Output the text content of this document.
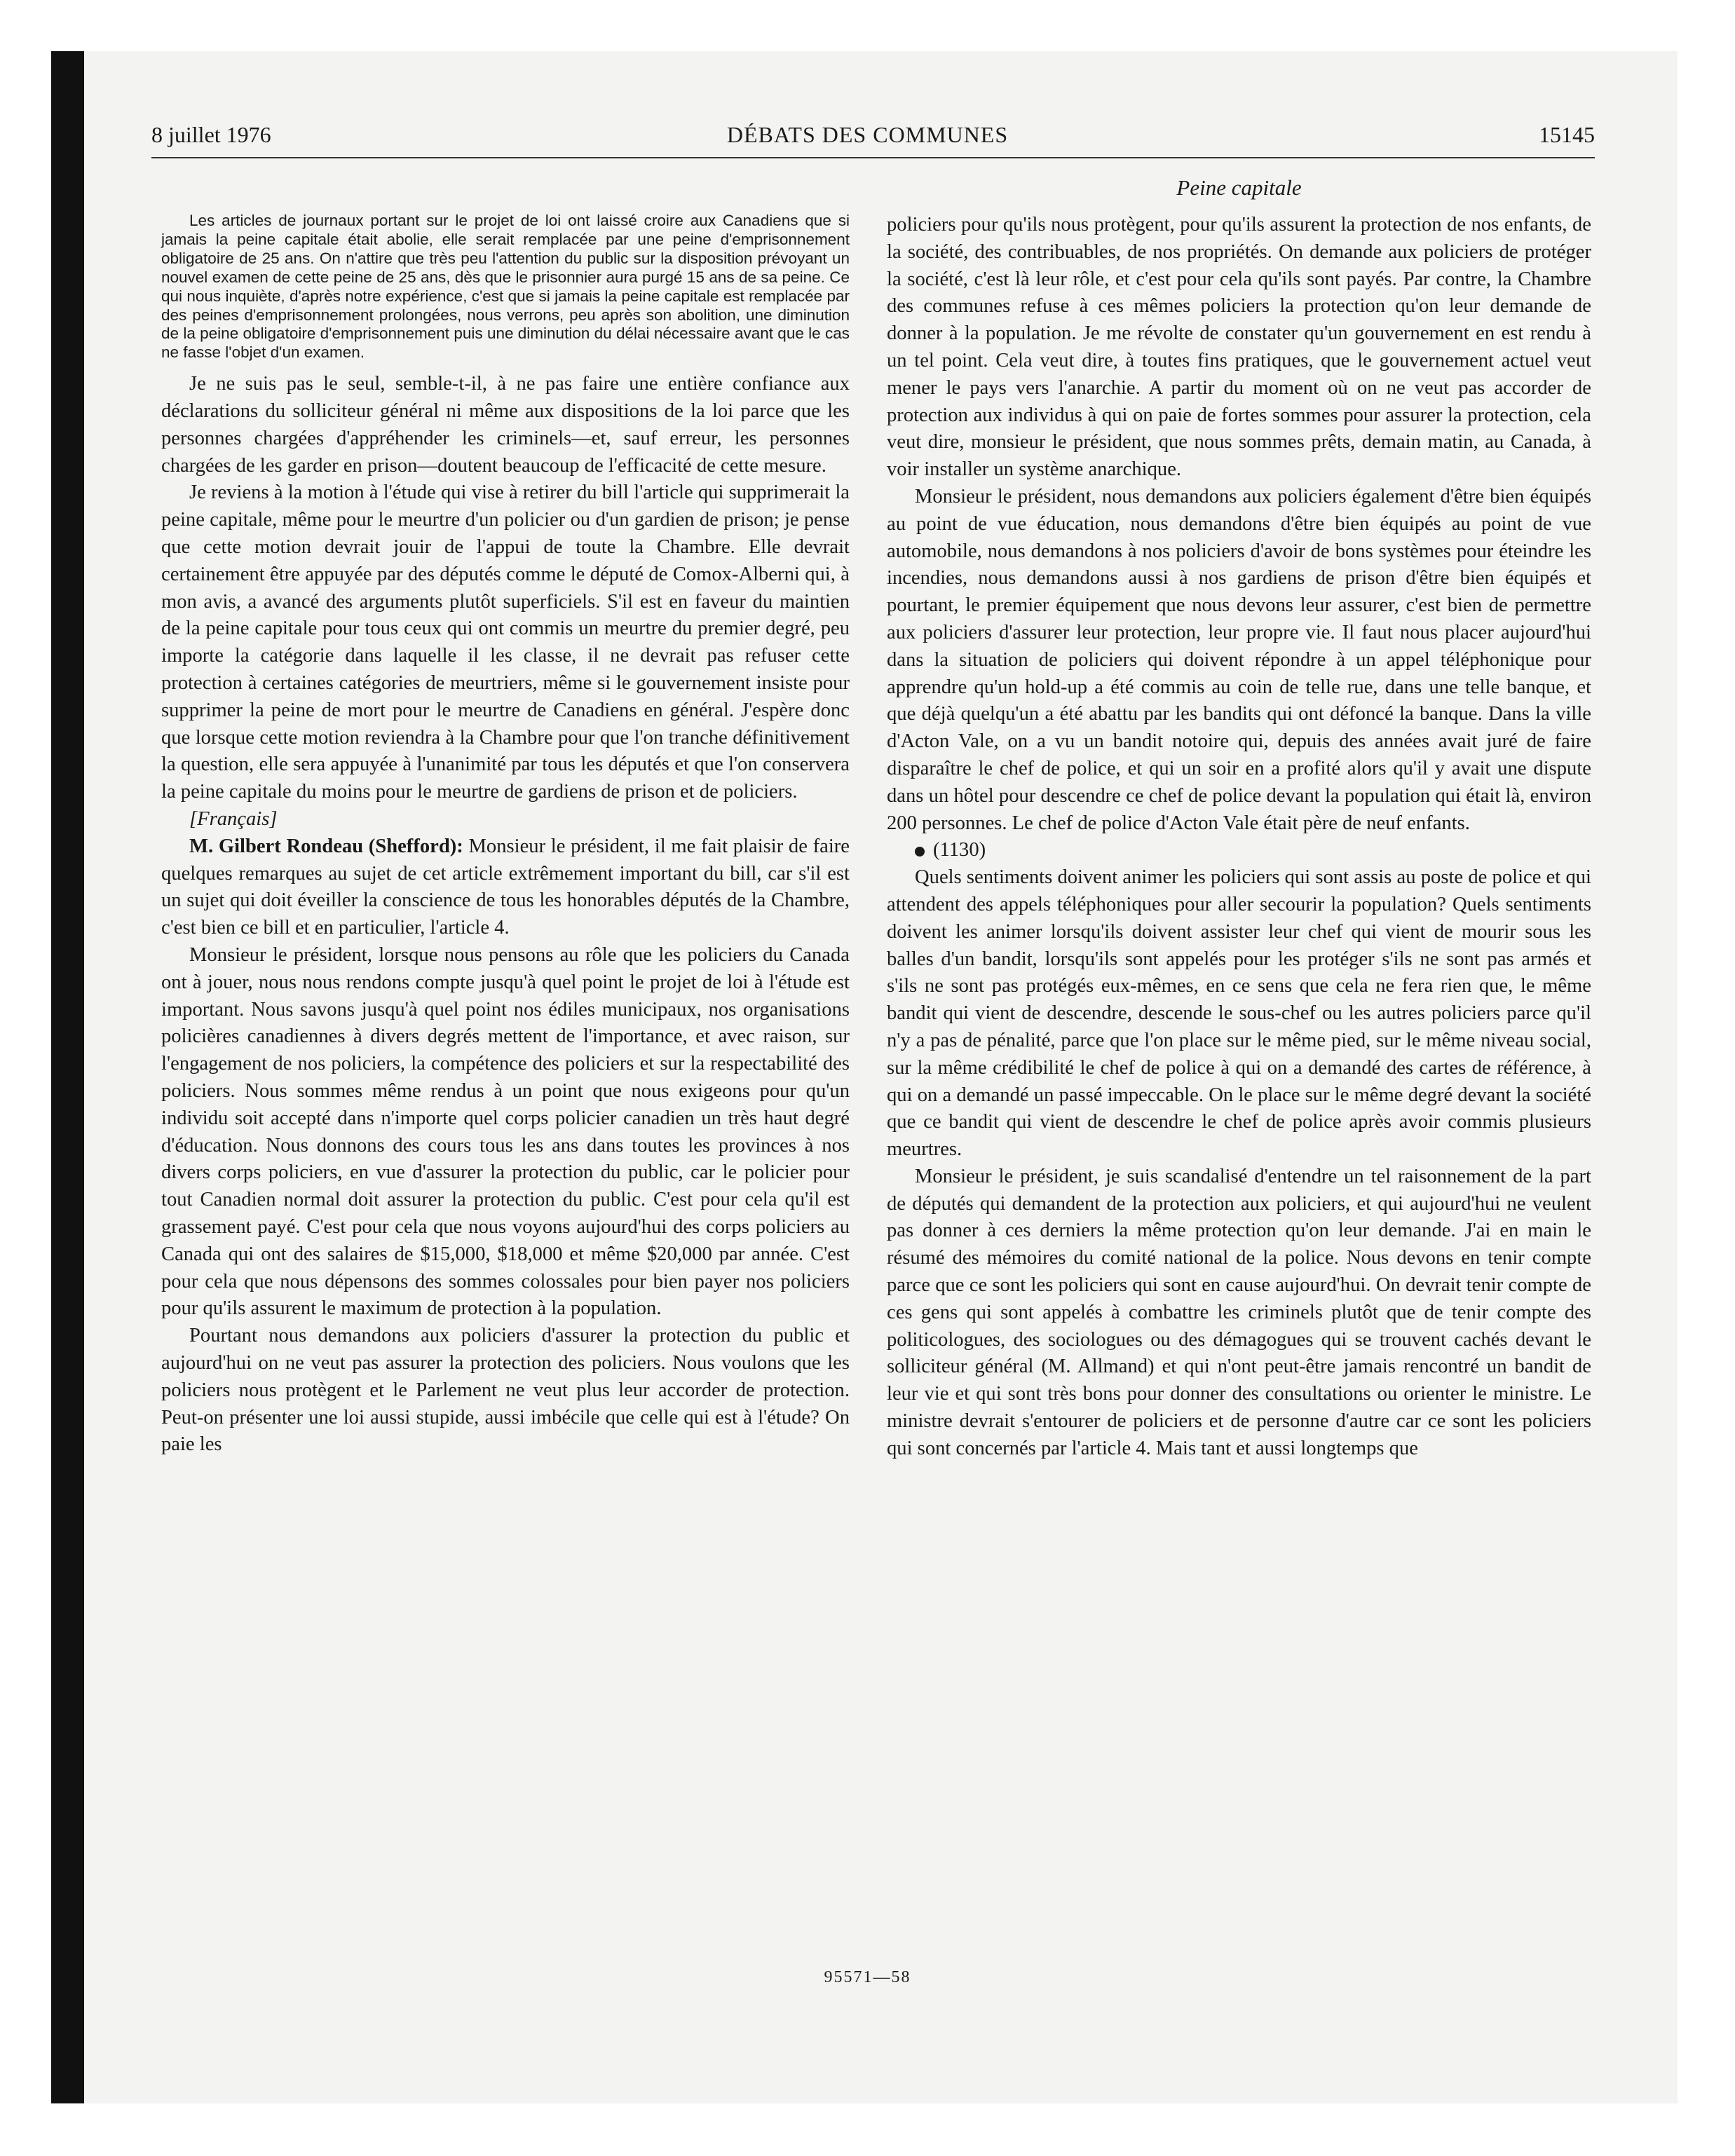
8 juillet 1976	DÉBATS DES COMMUNES	15145
Peine capitale

Les articles de journaux portant sur le projet de loi ont laissé croire aux Canadiens que si jamais la peine capitale était abolie, elle serait remplacée par une peine d'emprisonnement obligatoire de 25 ans. On n'attire que très peu l'attention du public sur la disposition prévoyant un nouvel examen de cette peine de 25 ans, dès que le prisonnier aura purgé 15 ans de sa peine. Ce qui nous inquiète, d'après notre expérience, c'est que si jamais la peine capitale est remplacée par des peines d'emprisonnement prolongées, nous verrons, peu après son abolition, une diminution de la peine obligatoire d'emprisonnement puis une diminution du délai nécessaire avant que le cas ne fasse l'objet d'un examen.

Je ne suis pas le seul, semble-t-il, à ne pas faire une entière confiance aux déclarations du solliciteur général ni même aux dispositions de la loi parce que les personnes chargées d'appréhender les criminels—et, sauf erreur, les personnes chargées de les garder en prison—doutent beaucoup de l'efficacité de cette mesure.

Je reviens à la motion à l'étude qui vise à retirer du bill l'article qui supprimerait la peine capitale, même pour le meurtre d'un policier ou d'un gardien de prison; je pense que cette motion devrait jouir de l'appui de toute la Chambre. Elle devrait certainement être appuyée par des députés comme le député de Comox-Alberni qui, à mon avis, a avancé des arguments plutôt superficiels. S'il est en faveur du maintien de la peine capitale pour tous ceux qui ont commis un meurtre du premier degré, peu importe la catégorie dans laquelle il les classe, il ne devrait pas refuser cette protection à certaines catégories de meurtriers, même si le gouvernement insiste pour supprimer la peine de mort pour le meurtre de Canadiens en général. J'espère donc que lorsque cette motion reviendra à la Chambre pour que l'on tranche définitivement la question, elle sera appuyée à l'unanimité par tous les députés et que l'on conservera la peine capitale du moins pour le meurtre de gardiens de prison et de policiers.

[Français]

M. Gilbert Rondeau (Shefford): Monsieur le président, il me fait plaisir de faire quelques remarques au sujet de cet article extrêmement important du bill, car s'il est un sujet qui doit éveiller la conscience de tous les honorables députés de la Chambre, c'est bien ce bill et en particulier, l'article 4.

Monsieur le président, lorsque nous pensons au rôle que les policiers du Canada ont à jouer, nous nous rendons compte jusqu'à quel point le projet de loi à l'étude est important. Nous savons jusqu'à quel point nos édiles municipaux, nos organisations policières canadiennes à divers degrés mettent de l'importance, et avec raison, sur l'engagement de nos policiers, la compétence des policiers et sur la respectabilité des policiers. Nous sommes même rendus à un point que nous exigeons pour qu'un individu soit accepté dans n'importe quel corps policier canadien un très haut degré d'éducation. Nous donnons des cours tous les ans dans toutes les provinces à nos divers corps policiers, en vue d'assurer la protection du public, car le policier pour tout Canadien normal doit assurer la protection du public. C'est pour cela qu'il est grassement payé. C'est pour cela que nous voyons aujourd'hui des corps policiers au Canada qui ont des salaires de $15,000, $18,000 et même $20,000 par année. C'est pour cela que nous dépensons des sommes colossales pour bien payer nos policiers pour qu'ils assurent le maximum de protection à la population.

Pourtant nous demandons aux policiers d'assurer la protection du public et aujourd'hui on ne veut pas assurer la protection des policiers. Nous voulons que les policiers nous protègent et le Parlement ne veut plus leur accorder de protection. Peut-on présenter une loi aussi stupide, aussi imbécile que celle qui est à l'étude? On paie les

policiers pour qu'ils nous protègent, pour qu'ils assurent la protection de nos enfants, de la société, des contribuables, de nos propriétés. On demande aux policiers de protéger la société, c'est là leur rôle, et c'est pour cela qu'ils sont payés. Par contre, la Chambre des communes refuse à ces mêmes policiers la protection qu'on leur demande de donner à la population. Je me révolte de constater qu'un gouvernement en est rendu à un tel point. Cela veut dire, à toutes fins pratiques, que le gouvernement actuel veut mener le pays vers l'anarchie. A partir du moment où on ne veut pas accorder de protection aux individus à qui on paie de fortes sommes pour assurer la protection, cela veut dire, monsieur le président, que nous sommes prêts, demain matin, au Canada, à voir installer un système anarchique.

Monsieur le président, nous demandons aux policiers également d'être bien équipés au point de vue éducation, nous demandons d'être bien équipés au point de vue automobile, nous demandons à nos policiers d'avoir de bons systèmes pour éteindre les incendies, nous demandons aussi à nos gardiens de prison d'être bien équipés et pourtant, le premier équipement que nous devons leur assurer, c'est bien de permettre aux policiers d'assurer leur protection, leur propre vie. Il faut nous placer aujourd'hui dans la situation de policiers qui doivent répondre à un appel téléphonique pour apprendre qu'un hold-up a été commis au coin de telle rue, dans une telle banque, et que déjà quelqu'un a été abattu par les bandits qui ont défoncé la banque. Dans la ville d'Acton Vale, on a vu un bandit notoire qui, depuis des années avait juré de faire disparaître le chef de police, et qui un soir en a profité alors qu'il y avait une dispute dans un hôtel pour descendre ce chef de police devant la population qui était là, environ 200 personnes. Le chef de police d'Acton Vale était père de neuf enfants.

(1130)

Quels sentiments doivent animer les policiers qui sont assis au poste de police et qui attendent des appels téléphoniques pour aller secourir la population? Quels sentiments doivent les animer lorsqu'ils doivent assister leur chef qui vient de mourir sous les balles d'un bandit, lorsqu'ils sont appelés pour les protéger s'ils ne sont pas armés et s'ils ne sont pas protégés eux-mêmes, en ce sens que cela ne fera rien que, le même bandit qui vient de descendre, descende le sous-chef ou les autres policiers parce qu'il n'y a pas de pénalité, parce que l'on place sur le même pied, sur le même niveau social, sur la même crédibilité le chef de police à qui on a demandé des cartes de référence, à qui on a demandé un passé impeccable. On le place sur le même degré devant la société que ce bandit qui vient de descendre le chef de police après avoir commis plusieurs meurtres.

Monsieur le président, je suis scandalisé d'entendre un tel raisonnement de la part de députés qui demandent de la protection aux policiers, et qui aujourd'hui ne veulent pas donner à ces derniers la même protection qu'on leur demande. J'ai en main le résumé des mémoires du comité national de la police. Nous devons en tenir compte parce que ce sont les policiers qui sont en cause aujourd'hui. On devrait tenir compte de ces gens qui sont appelés à combattre les criminels plutôt que de tenir compte des politicologues, des sociologues ou des démagogues qui se trouvent cachés devant le solliciteur général (M. Allmand) et qui n'ont peut-être jamais rencontré un bandit de leur vie et qui sont très bons pour donner des consultations ou orienter le ministre. Le ministre devrait s'entourer de policiers et de personne d'autre car ce sont les policiers qui sont concernés par l'article 4. Mais tant et aussi longtemps que

95571—58
